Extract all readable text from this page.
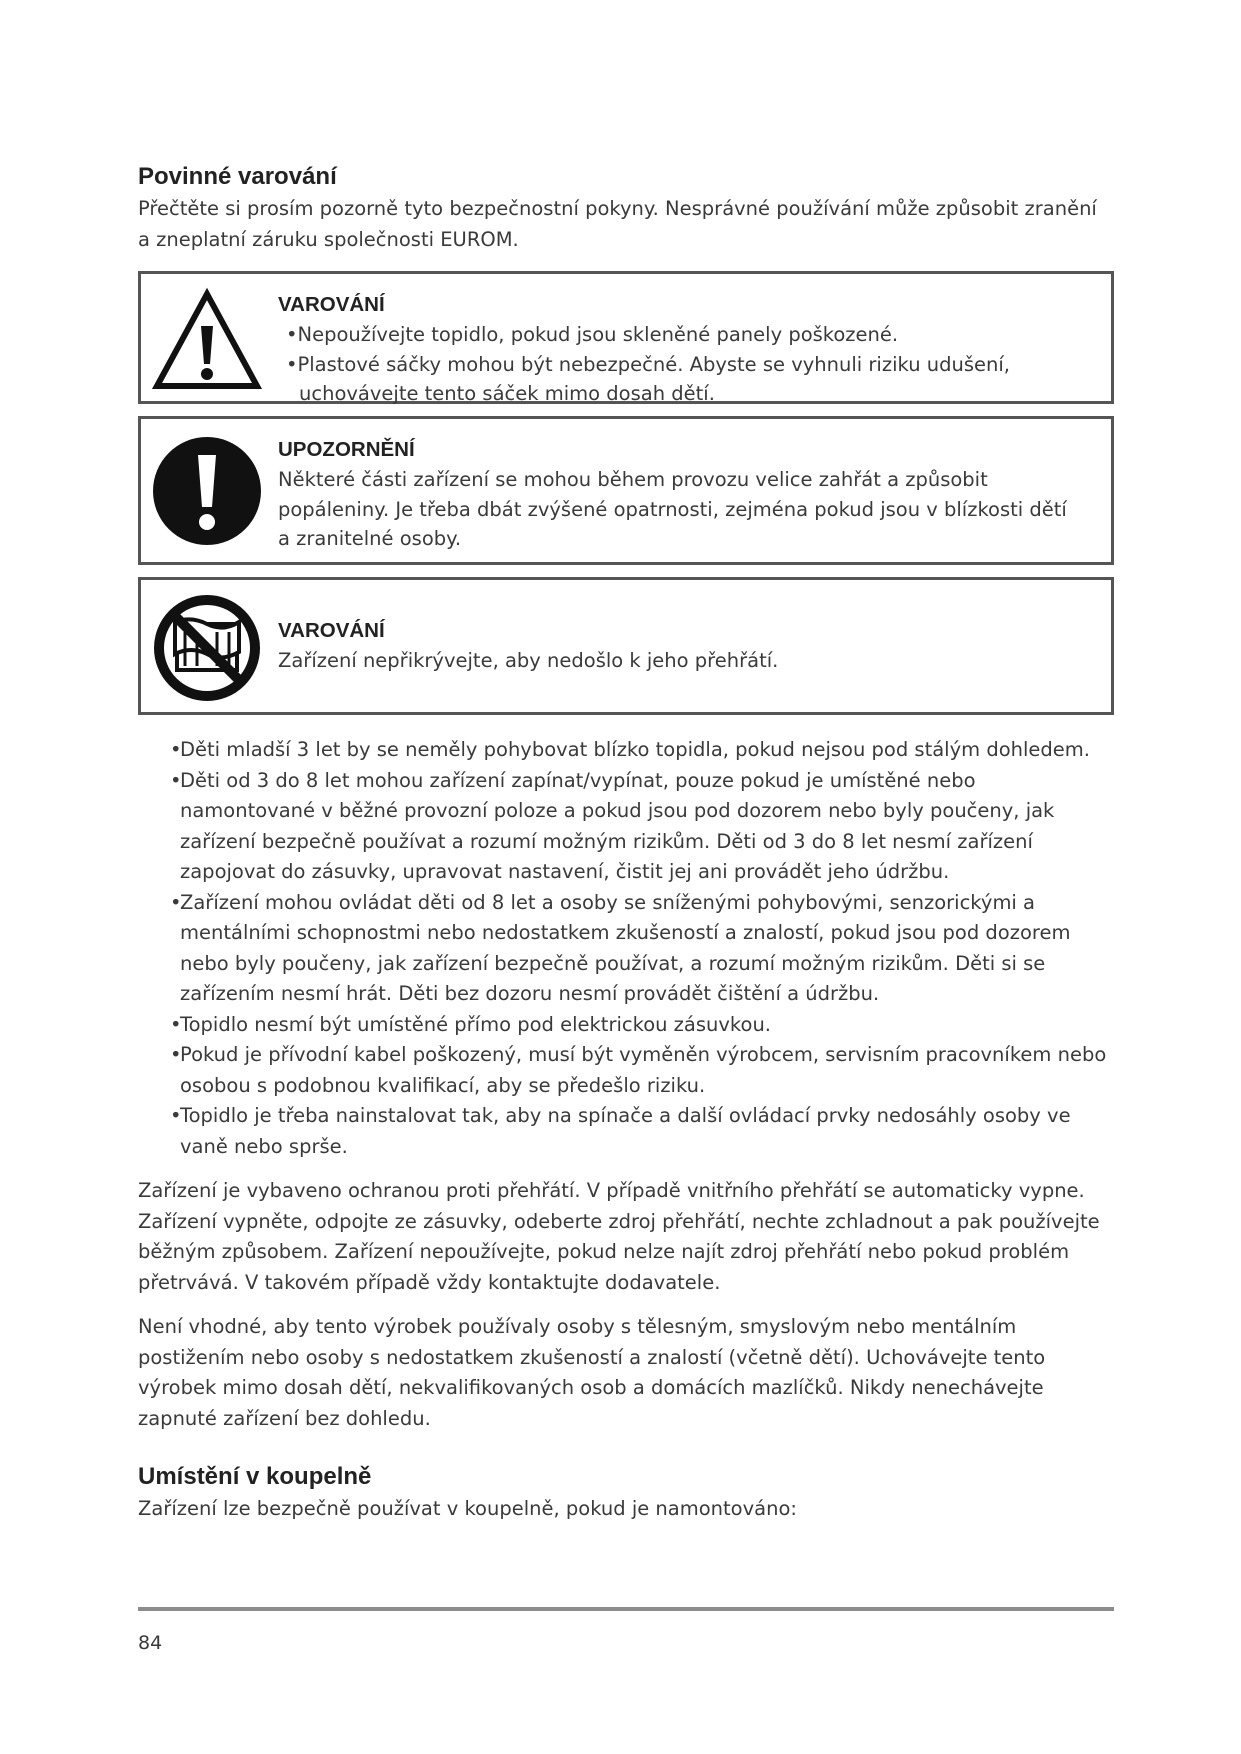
Povinné varování

Přečtěte si prosím pozorně tyto bezpečnostní pokyny. Nesprávné používání může způsobit zranění a zneplatní záruku společnosti EUROM.

VAROVÁNÍ
•Nepoužívejte topidlo, pokud jsou skleněné panely poškozené.
•Plastové sáčky mohou být nebezpečné. Abyste se vyhnuli riziku udušení,
uchovávejte tento sáček mimo dosah dětí.
UPOZORNĚNÍ
Některé části zařízení se mohou během provozu velice zahřát a způsobit
popáleniny. Je třeba dbát zvýšené opatrnosti, zejména pokud jsou v blízkosti dětí
a zranitelné osoby.
VAROVÁNÍ
Zařízení nepřikrývejte, aby nedošlo k jeho přehřátí.
•Děti mladší 3 let by se neměly pohybovat blízko topidla, pokud nejsou pod stálým dohledem.
•Děti od 3 do 8 let mohou zařízení zapínat/vypínat, pouze pokud je umístěné nebo namontované v běžné provozní poloze a pokud jsou pod dozorem nebo byly poučeny, jak zařízení bezpečně používat a rozumí možným rizikům. Děti od 3 do 8 let nesmí zařízení zapojovat do zásuvky, upravovat nastavení, čistit jej ani provádět jeho údržbu.
•Zařízení mohou ovládat děti od 8 let a osoby se sníženými pohybovými, senzorickými a mentálními schopnostmi nebo nedostatkem zkušeností a znalostí, pokud jsou pod dozorem nebo byly poučeny, jak zařízení bezpečně používat, a rozumí možným rizikům. Děti si se zařízením nesmí hrát. Děti bez dozoru nesmí provádět čištění a údržbu.
•Topidlo nesmí být umístěné přímo pod elektrickou zásuvkou.
•Pokud je přívodní kabel poškozený, musí být vyměněn výrobcem, servisním pracovníkem nebo osobou s podobnou kvalifikací, aby se předešlo riziku.
•Topidlo je třeba nainstalovat tak, aby na spínače a další ovládací prvky nedosáhly osoby ve vaně nebo sprše.

Zařízení je vybaveno ochranou proti přehřátí. V případě vnitřního přehřátí se automaticky vypne. Zařízení vypněte, odpojte ze zásuvky, odeberte zdroj přehřátí, nechte zchladnout a pak používejte běžným způsobem. Zařízení nepoužívejte, pokud nelze najít zdroj přehřátí nebo pokud problém přetrvává. V takovém případě vždy kontaktujte dodavatele.

Není vhodné, aby tento výrobek používaly osoby s tělesným, smyslovým nebo mentálním postižením nebo osoby s nedostatkem zkušeností a znalostí (včetně dětí). Uchovávejte tento výrobek mimo dosah dětí, nekvalifikovaných osob a domácích mazlíčků. Nikdy nenechávejte zapnuté zařízení bez dohledu.

Umístění v koupelně

Zařízení lze bezpečně používat v koupelně, pokud je namontováno:

84
